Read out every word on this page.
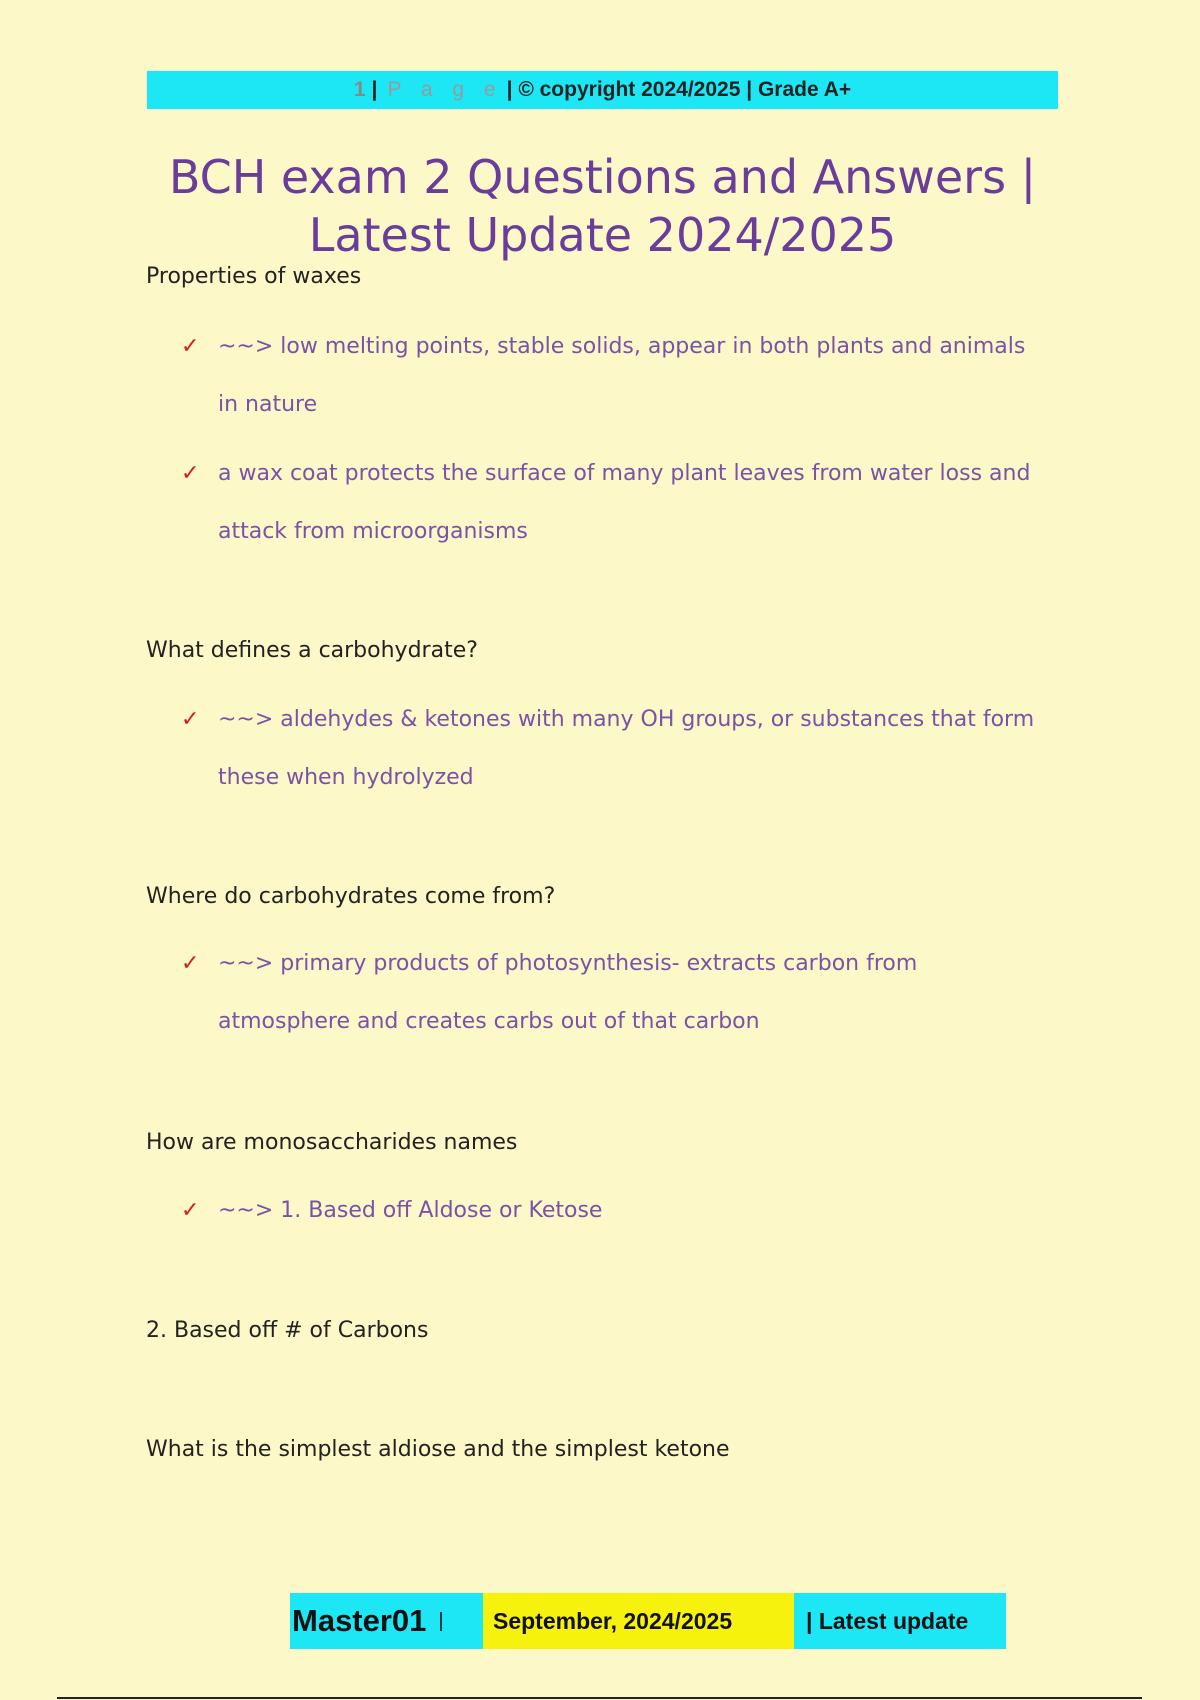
1 | P a g e | © copyright 2024/2025 | Grade A+
BCH exam 2 Questions and Answers |
Latest Update 2024/2025
Properties of waxes
✓ ~~> low melting points, stable solids, appear in both plants and animals in nature
✓ a wax coat protects the surface of many plant leaves from water loss and attack from microorganisms
What defines a carbohydrate?
✓ ~~> aldehydes & ketones with many OH groups, or substances that form these when hydrolyzed
Where do carbohydrates come from?
✓ ~~> primary products of photosynthesis- extracts carbon from atmosphere and creates carbs out of that carbon
How are monosaccharides names
✓ ~~> 1. Based off Aldose or Ketose
2. Based off # of Carbons
What is the simplest aldiose and the simplest ketone
Master01 |	September, 2024/2025	| Latest update
